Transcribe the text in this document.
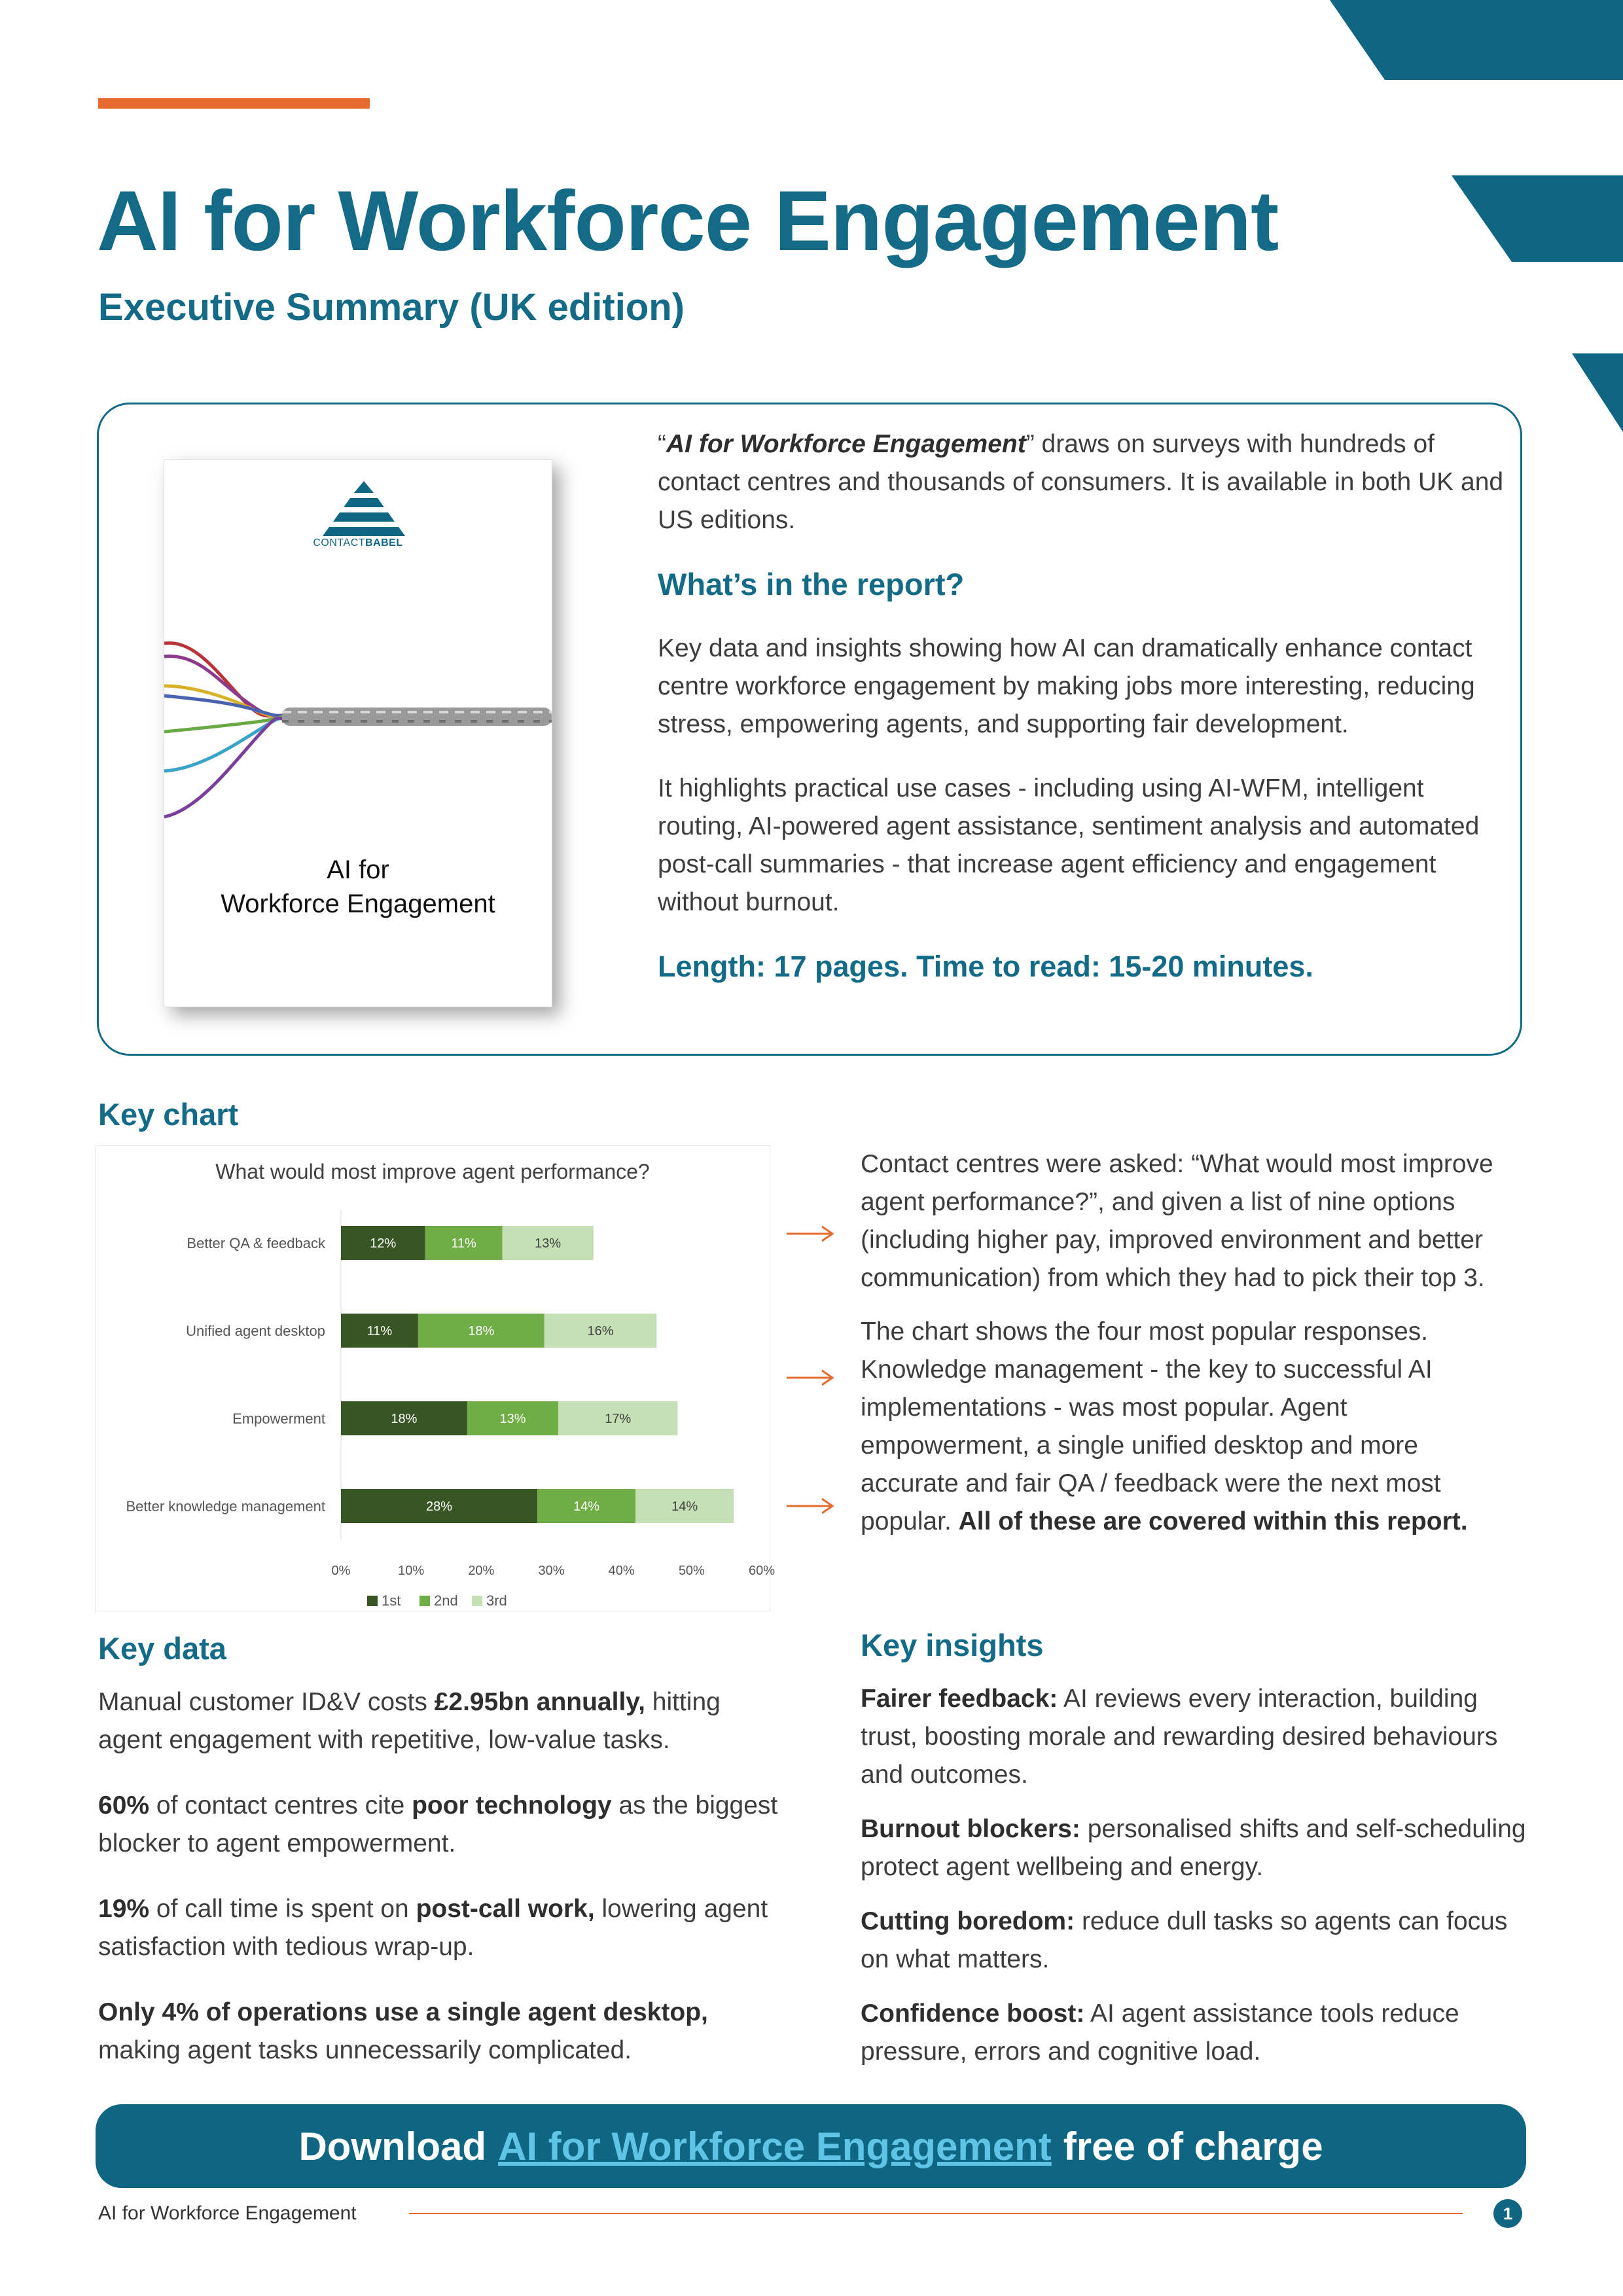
AI for Workforce Engagement
Executive Summary (UK edition)
CONTACTBABEL
AI for
Workforce Engagement

“AI for Workforce Engagement” draws on surveys with hundreds of contact centres and thousands of consumers. It is available in both UK and US editions.

What’s in the report?

Key data and insights showing how AI can dramatically enhance contact centre workforce engagement by making jobs more interesting, reducing stress, empowering agents, and supporting fair development.

It highlights practical use cases - including using AI-WFM, intelligent routing, AI-powered agent assistance, sentiment analysis and automated post-call summaries - that increase agent efficiency and engagement without burnout.

Length: 17 pages. Time to read: 15-20 minutes.
Key chart
What would most improve agent performance?
Better QA & feedback	12%	11%	13%
Unified agent desktop	11%	18%	16%
Empowerment	18%	13%	17%
Better knowledge management	28%	14%	14%
0%	10%	20%	30%	40%	50%	60%
1st 2nd 3rd

Contact centres were asked: “What would most improve agent performance?”, and given a list of nine options (including higher pay, improved environment and better communication) from which they had to pick their top 3.

The chart shows the four most popular responses. Knowledge management - the key to successful AI implementations - was most popular. Agent empowerment, a single unified desktop and more accurate and fair QA / feedback were the next most popular. All of these are covered within this report.

Key data

Manual customer ID&V costs £2.95bn annually, hitting agent engagement with repetitive, low-value tasks.

60% of contact centres cite poor technology as the biggest blocker to agent empowerment.

19% of call time is spent on post-call work, lowering agent satisfaction with tedious wrap-up.

Only 4% of operations use a single agent desktop, making agent tasks unnecessarily complicated.

Key insights

Fairer feedback: AI reviews every interaction, building trust, boosting morale and rewarding desired behaviours and outcomes.

Burnout blockers: personalised shifts and self-scheduling protect agent wellbeing and energy.

Cutting boredom: reduce dull tasks so agents can focus on what matters.

Confidence boost: AI agent assistance tools reduce pressure, errors and cognitive load.

Download AI for Workforce Engagement free of charge
AI for Workforce Engagement	1
